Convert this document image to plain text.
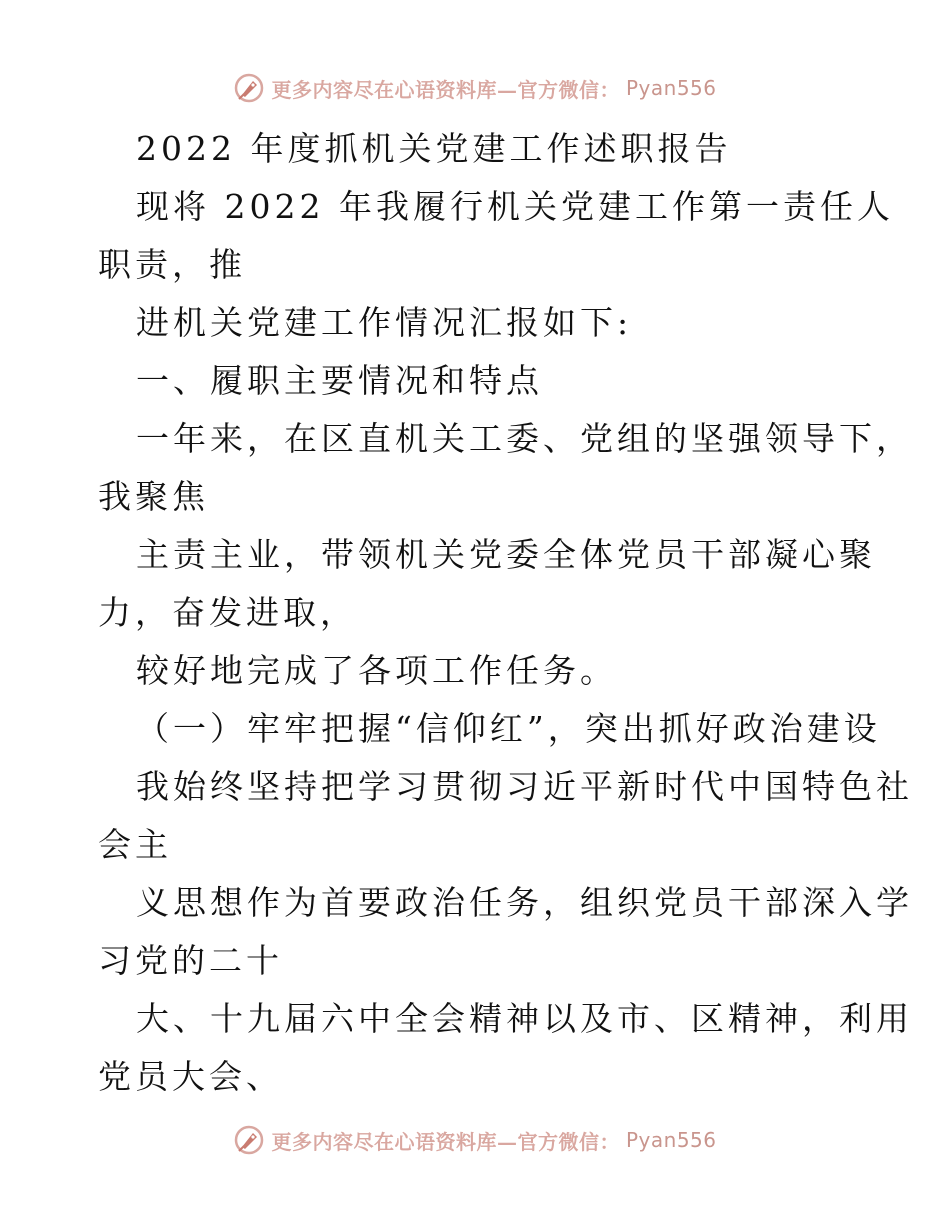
更多内容尽在心语资料库—官方微信： Pyan556
2022 年度抓机关党建工作述职报告
现将 2022 年我履行机关党建工作第一责任人
职责，推
进机关党建工作情况汇报如下:
一、履职主要情况和特点
一年来，在区直机关工委、党组的坚强领导下，
我聚焦
主责主业，带领机关党委全体党员干部凝心聚
力，奋发进取，
较好地完成了各项工作任务。
（一）牢牢把握“信仰红”，突出抓好政治建设
我始终坚持把学习贯彻习近平新时代中国特色社
会主
义思想作为首要政治任务，组织党员干部深入学
习党的二十
大、十九届六中全会精神以及市、区精神，利用
党员大会、
更多内容尽在心语资料库—官方微信： Pyan556
